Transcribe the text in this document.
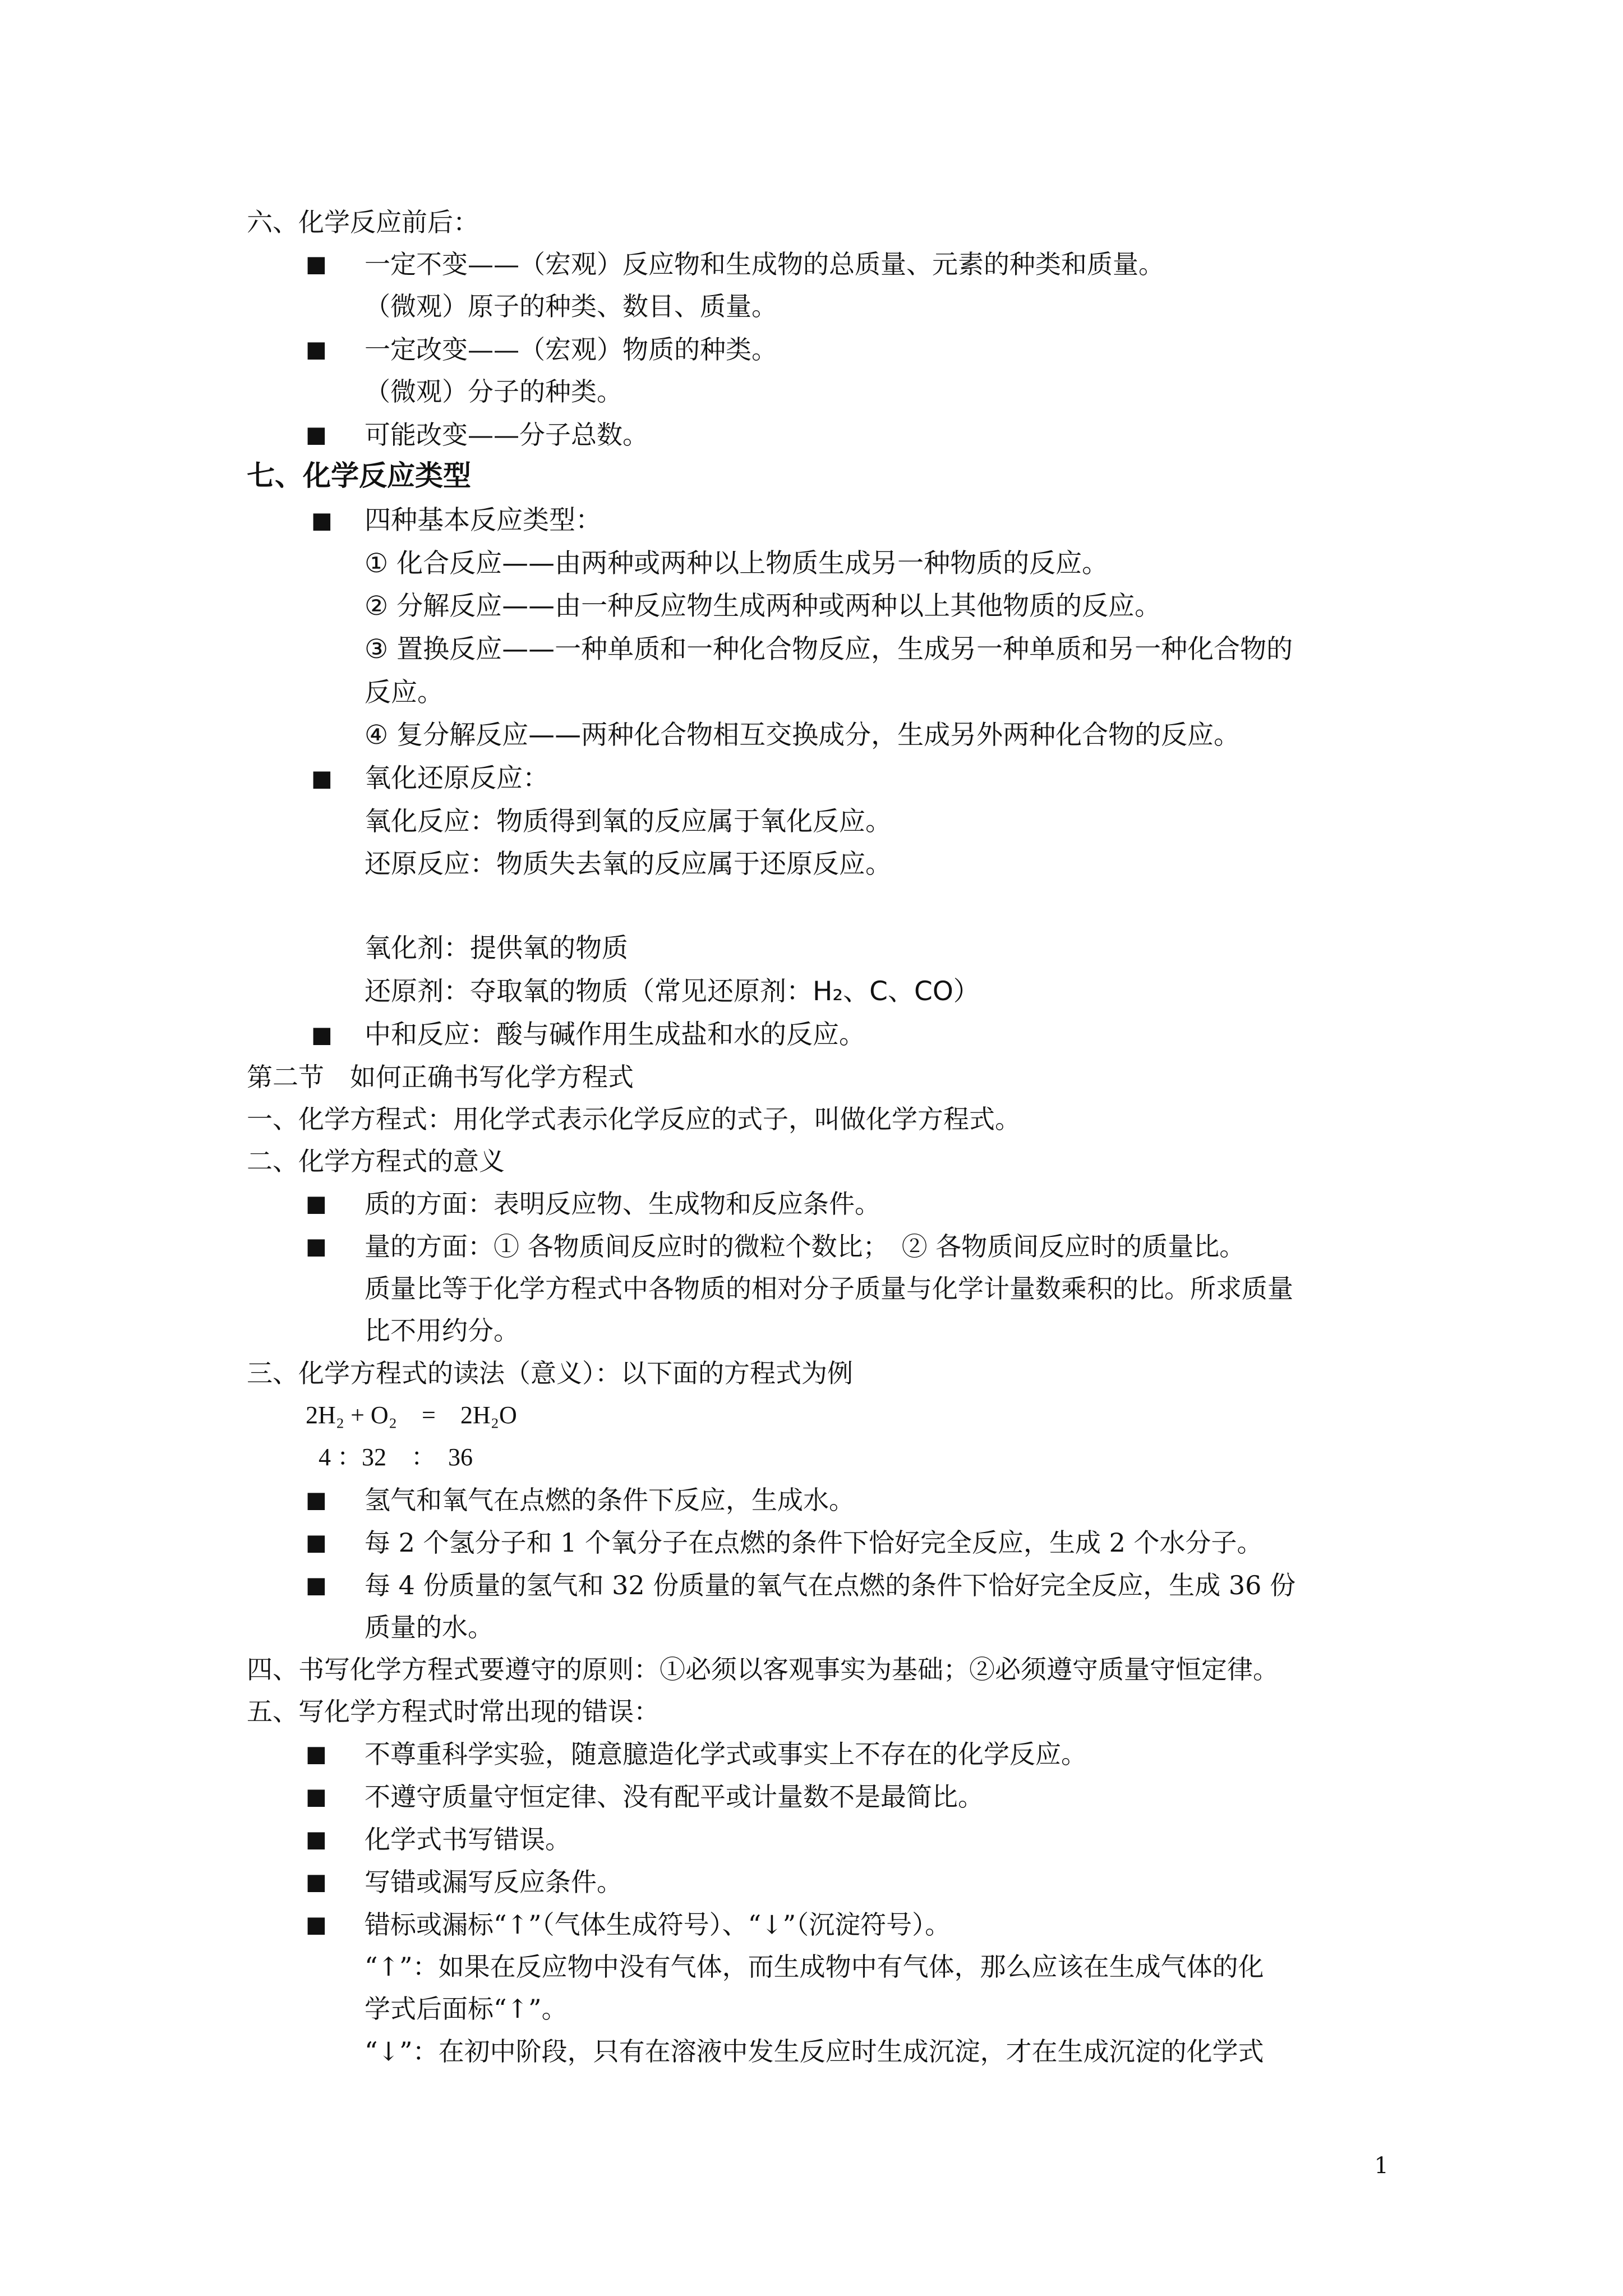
六、化学反应前后：
■ 一定不变——（宏观）反应物和生成物的总质量、元素的种类和质量。
（微观）原子的种类、数目、质量。
■ 一定改变——（宏观）物质的种类。
（微观）分子的种类。
■ 可能改变——分子总数。
七、化学反应类型
■ 四种基本反应类型：
① 化合反应——由两种或两种以上物质生成另一种物质的反应。
② 分解反应——由一种反应物生成两种或两种以上其他物质的反应。
③ 置换反应——一种单质和一种化合物反应，生成另一种单质和另一种化合物的
反应。
④ 复分解反应——两种化合物相互交换成分，生成另外两种化合物的反应。
■ 氧化还原反应：
氧化反应：物质得到氧的反应属于氧化反应。
还原反应：物质失去氧的反应属于还原反应。
氧化剂：提供氧的物质
还原剂：夺取氧的物质（常见还原剂：H₂、C、CO）
■ 中和反应：酸与碱作用生成盐和水的反应。
第二节　如何正确书写化学方程式
一、化学方程式：用化学式表示化学反应的式子，叫做化学方程式。
二、化学方程式的意义
■ 质的方面：表明反应物、生成物和反应条件。
■ 量的方面：① 各物质间反应时的微粒个数比；　② 各物质间反应时的质量比。
质量比等于化学方程式中各物质的相对分子质量与化学计量数乘积的比。所求质量
比不用约分。
三、化学方程式的读法（意义）：以下面的方程式为例
2H₂ + O₂　=　2H₂O
4 ：32　：　36
■ 氢气和氧气在点燃的条件下反应，生成水。
■ 每 2 个氢分子和 1 个氧分子在点燃的条件下恰好完全反应，生成 2 个水分子。
■ 每 4 份质量的氢气和 32 份质量的氧气在点燃的条件下恰好完全反应，生成 36 份
质量的水。
四、书写化学方程式要遵守的原则：①必须以客观事实为基础；②必须遵守质量守恒定律。
五、写化学方程式时常出现的错误：
■ 不尊重科学实验，随意臆造化学式或事实上不存在的化学反应。
■ 不遵守质量守恒定律、没有配平或计量数不是最简比。
■ 化学式书写错误。
■ 写错或漏写反应条件。
■ 错标或漏标“↑”（气体生成符号）、“↓”（沉淀符号）。
“↑”：如果在反应物中没有气体，而生成物中有气体，那么应该在生成气体的化
学式后面标“↑”。
“↓”：在初中阶段，只有在溶液中发生反应时生成沉淀，才在生成沉淀的化学式
1
